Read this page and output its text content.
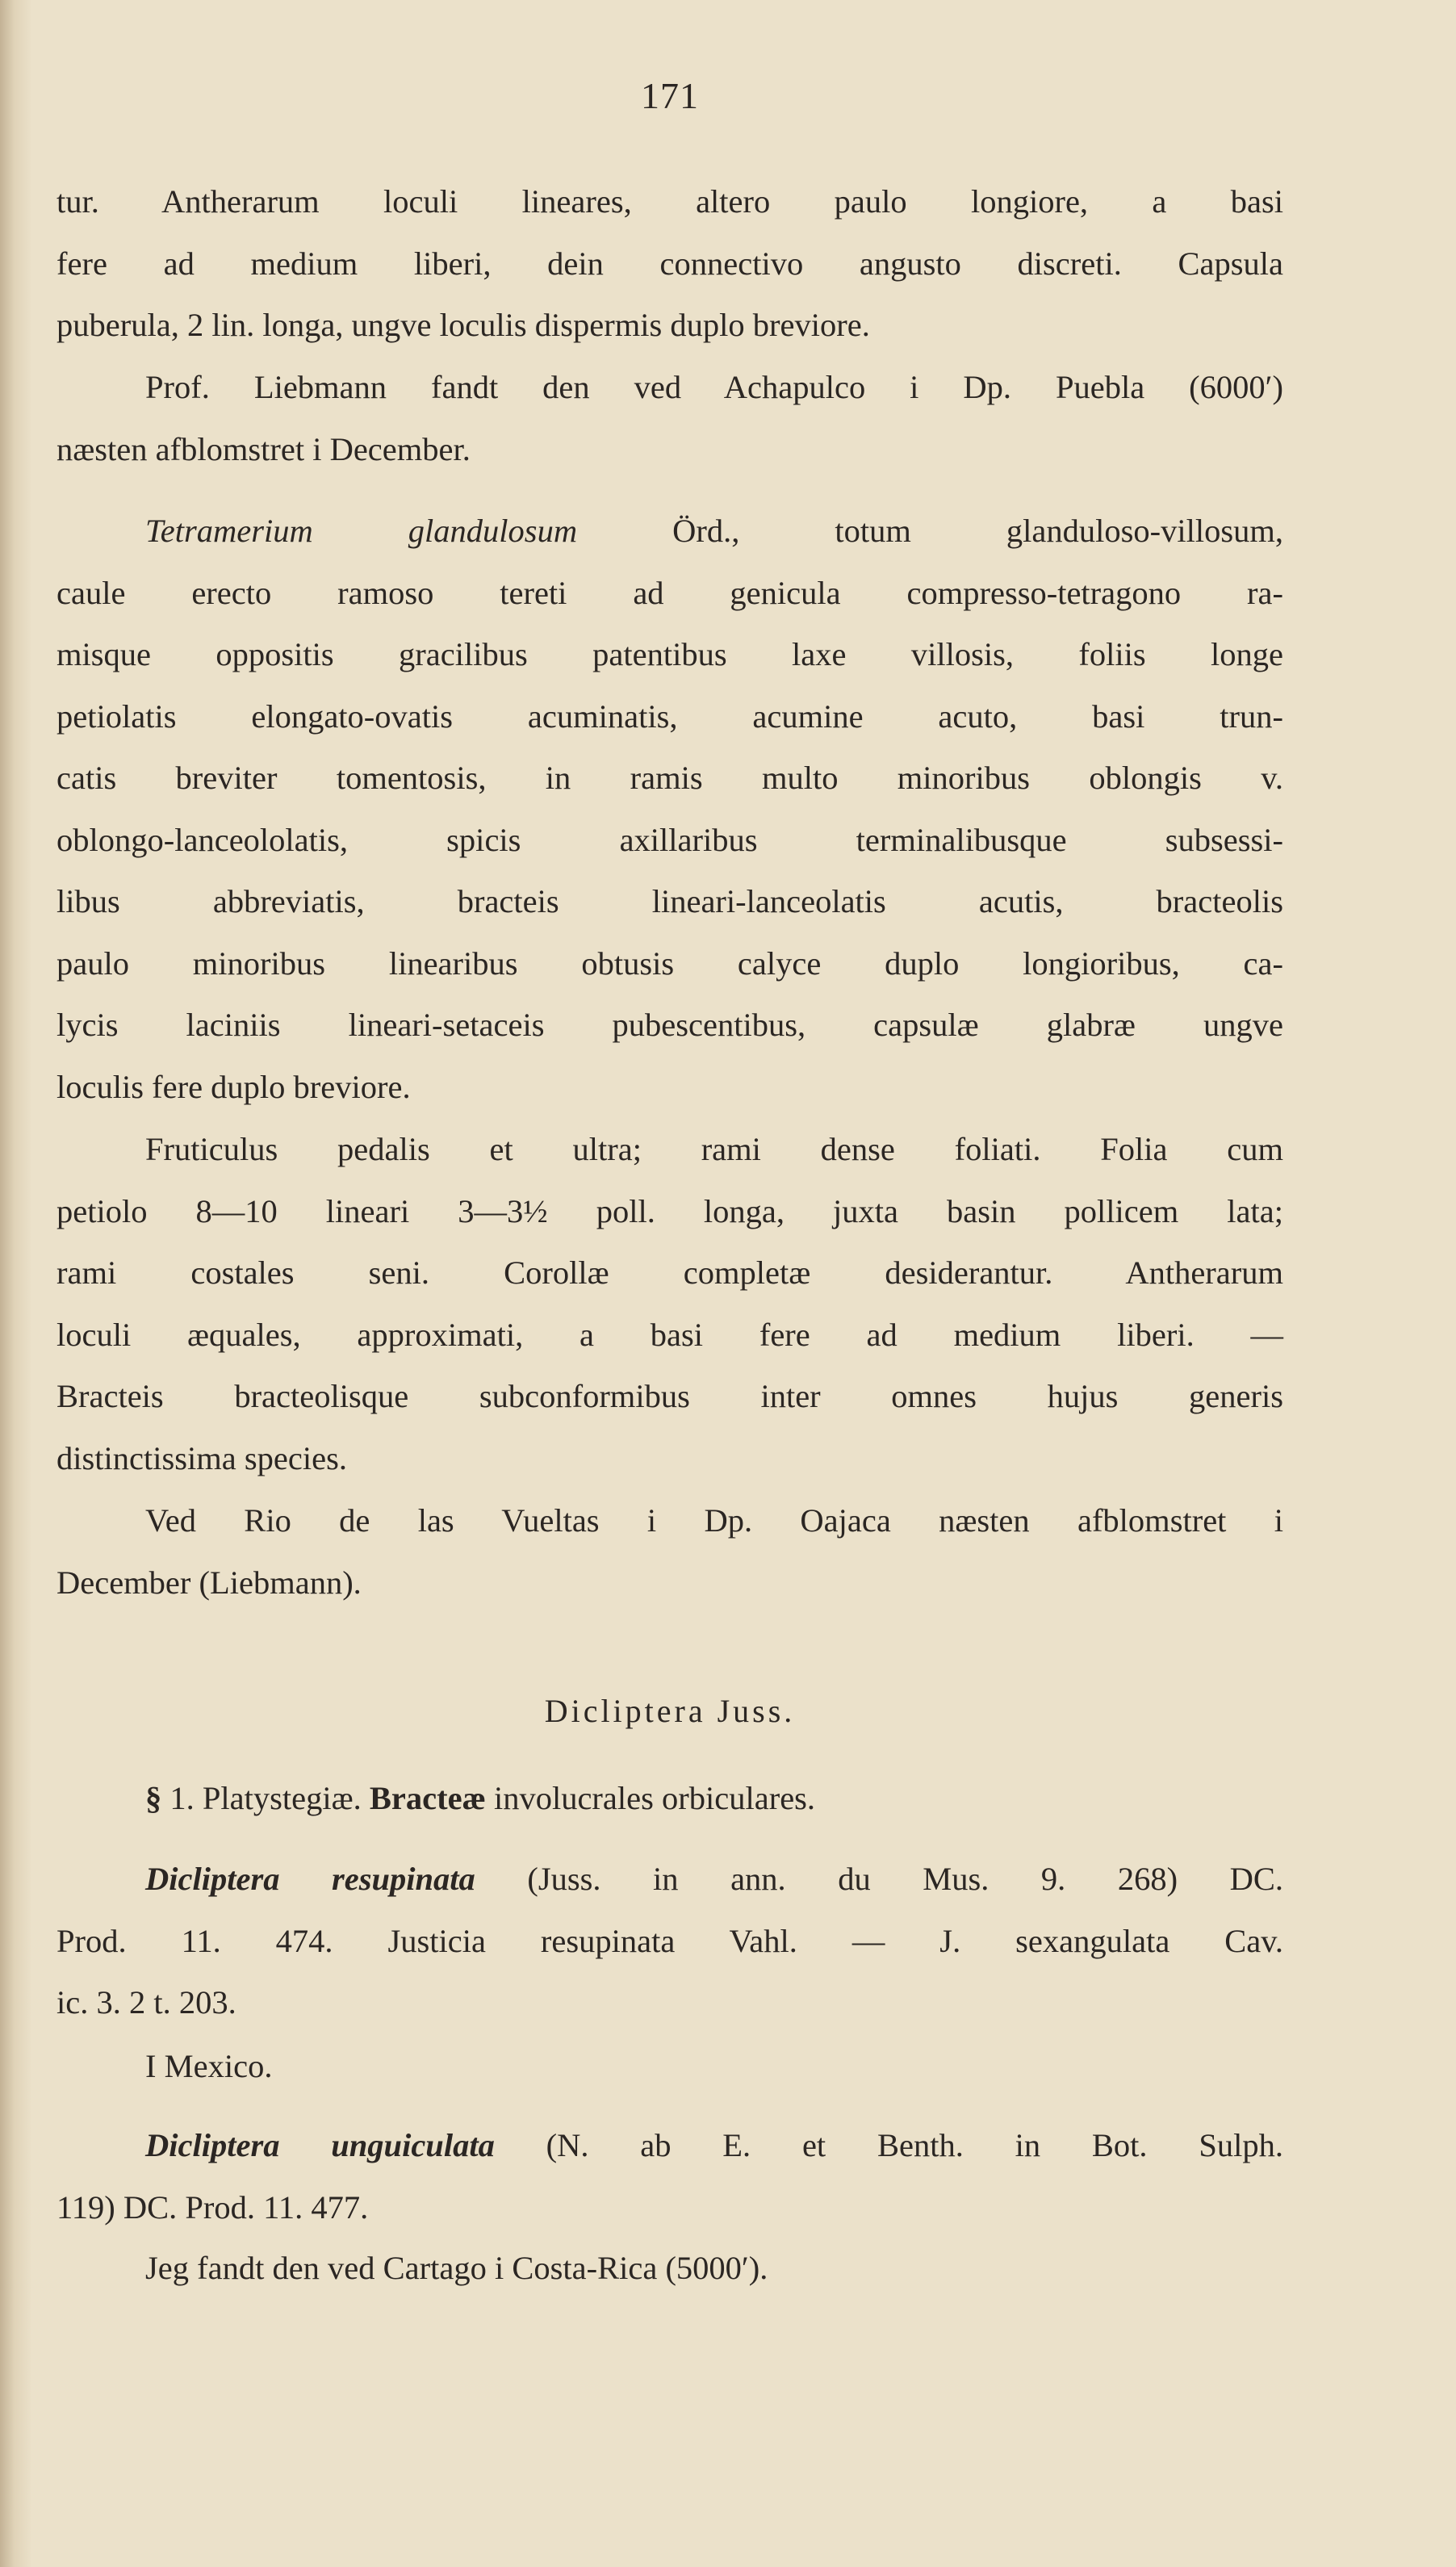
171
tur. Antherarum loculi lineares, altero paulo longiore, a basi
fere ad medium liberi, dein connectivo angusto discreti. Capsula
puberula, 2 lin. longa, ungve loculis dispermis duplo breviore.
Prof. Liebmann fandt den ved Achapulco i Dp. Puebla (6000′)
næsten afblomstret i December.
Tetramerium glandulosum Örd., totum glanduloso-villosum,
caule erecto ramoso tereti ad genicula compresso-tetragono ra-
misque oppositis gracilibus patentibus laxe villosis, foliis longe
petiolatis elongato-ovatis acuminatis, acumine acuto, basi trun-
catis breviter tomentosis, in ramis multo minoribus oblongis v.
oblongo-lanceololatis, spicis axillaribus terminalibusque subsessi-
libus abbreviatis, bracteis lineari-lanceolatis acutis, bracteolis
paulo minoribus linearibus obtusis calyce duplo longioribus, ca-
lycis laciniis lineari-setaceis pubescentibus, capsulæ glabræ ungve
loculis fere duplo breviore.
Fruticulus pedalis et ultra; rami dense foliati. Folia cum
petiolo 8—10 lineari 3—3½ poll. longa, juxta basin pollicem lata;
rami costales seni. Corollæ completæ desiderantur. Antherarum
loculi æquales, approximati, a basi fere ad medium liberi. —
Bracteis bracteolisque subconformibus inter omnes hujus generis
distinctissima species.
Ved Rio de las Vueltas i Dp. Oajaca næsten afblomstret i
December (Liebmann).
Dicliptera Juss.
§ 1. Platystegiæ. Bracteæ involucrales orbiculares.
Dicliptera resupinata (Juss. in ann. du Mus. 9. 268) DC.
Prod. 11. 474. Justicia resupinata Vahl. — J. sexangulata Cav.
ic. 3. 2 t. 203.
I Mexico.
Dicliptera unguiculata (N. ab E. et Benth. in Bot. Sulph.
119) DC. Prod. 11. 477.
Jeg fandt den ved Cartago i Costa-Rica (5000′).
